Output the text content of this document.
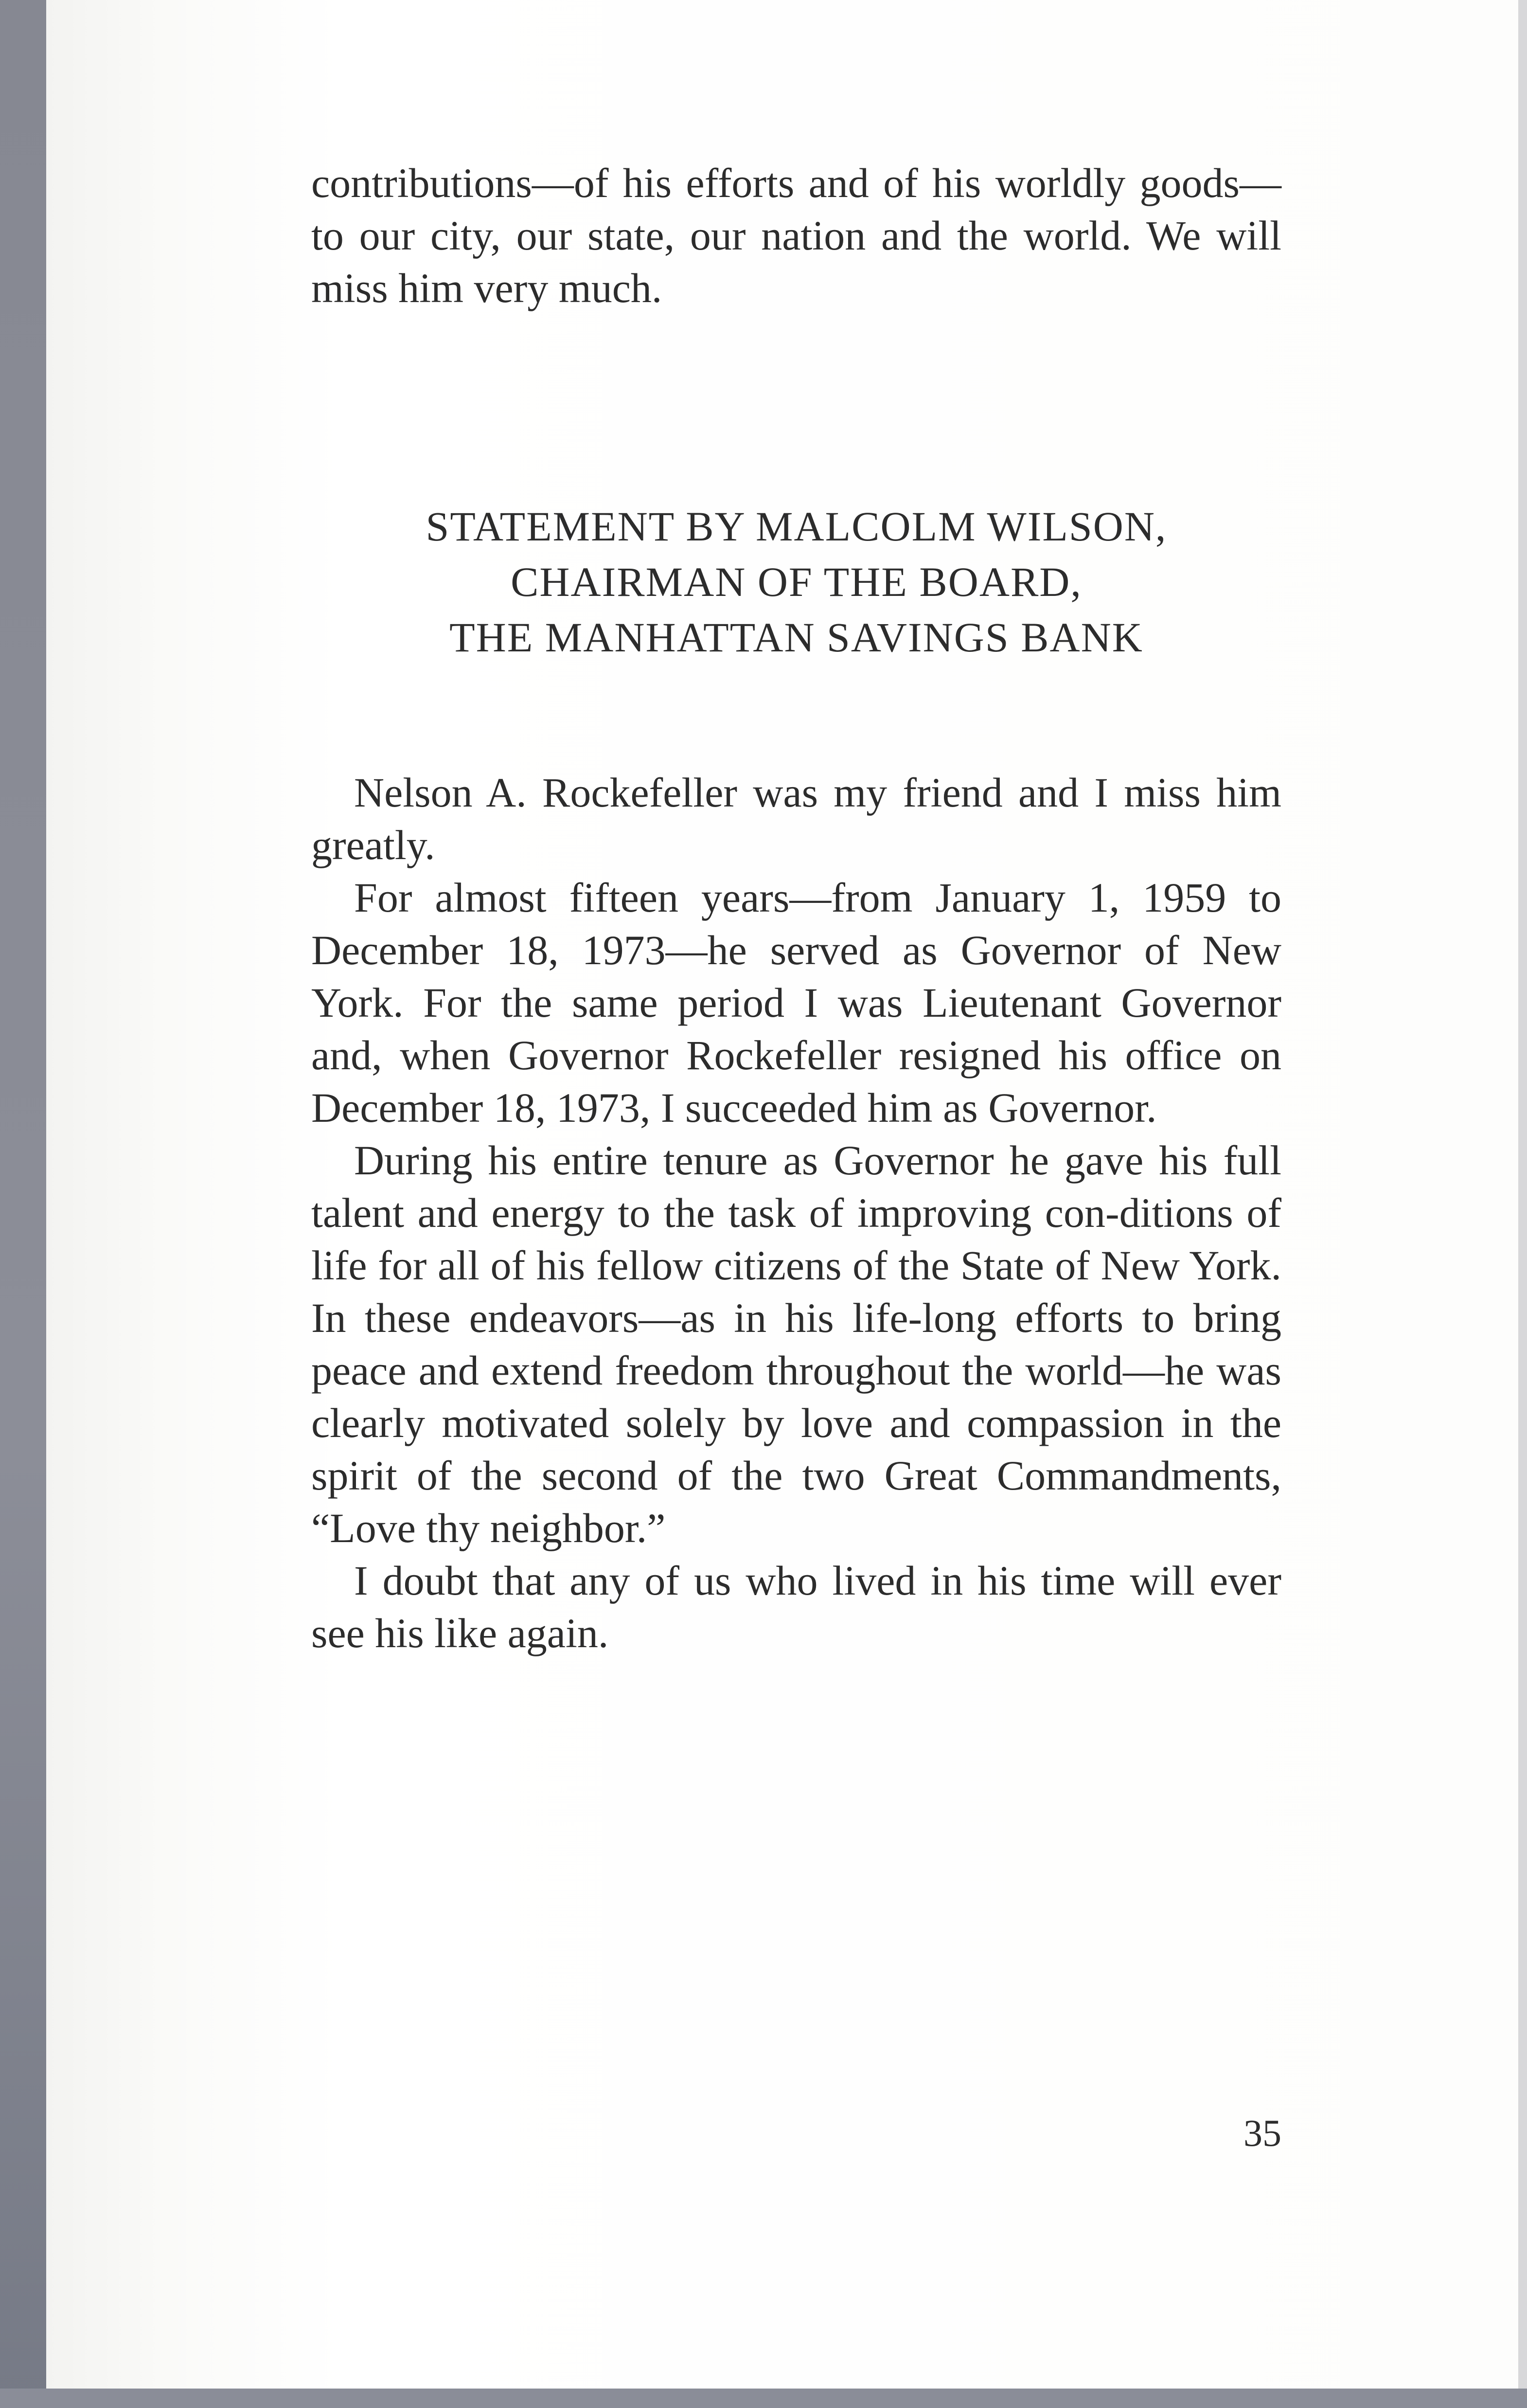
contributions—of his efforts and of his worldly goods—to our city, our state, our nation and the world. We will miss him very much.

STATEMENT BY MALCOLM WILSON,
CHAIRMAN OF THE BOARD,
THE MANHATTAN SAVINGS BANK

Nelson A. Rockefeller was my friend and I miss him greatly.

For almost fifteen years—from January 1, 1959 to December 18, 1973—he served as Governor of New York. For the same period I was Lieutenant Governor and, when Governor Rockefeller resigned his office on December 18, 1973, I succeeded him as Governor.

During his entire tenure as Governor he gave his full talent and energy to the task of improving con-ditions of life for all of his fellow citizens of the State of New York. In these endeavors—as in his life-long efforts to bring peace and extend freedom throughout the world—he was clearly motivated solely by love and compassion in the spirit of the second of the two Great Commandments, “Love thy neighbor.”

I doubt that any of us who lived in his time will ever see his like again.

35
